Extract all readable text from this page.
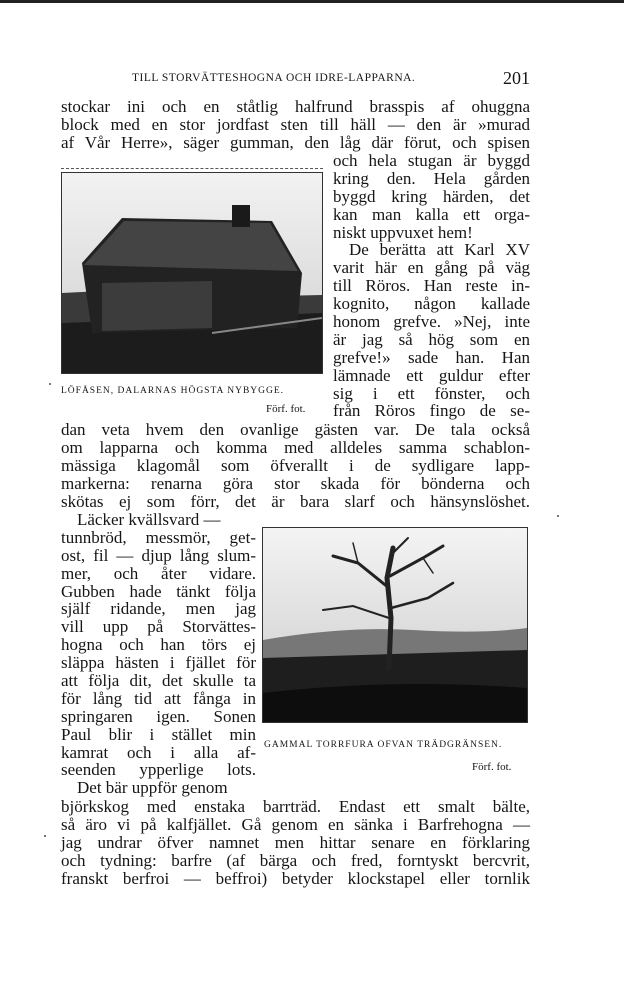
TILL STORVÄTTESHOGNA OCH IDRE-LAPPARNA.	201
stockar ini och en ståtlig halfrund brasspis af ohuggna
block med en stor jordfast sten till häll — den är »murad
af Vår Herre», säger gumman, den låg där förut, och spisen
LÖFÅSEN, DALARNAS HÖGSTA NYBYGGE.
Förf. fot.
och hela stugan är byggd
kring den. Hela gården
byggd kring härden, det
kan man kalla ett orga-
niskt uppvuxet hem!
De berätta att Karl XV
varit här en gång på väg
till Röros. Han reste in-
kognito, någon kallade
honom grefve. »Nej, inte
är jag så hög som en
grefve!» sade han. Han
lämnade ett guldur efter
sig i ett fönster, och
från Röros fingo de se-
dan veta hvem den ovanlige gästen var. De tala också
om lapparna och komma med alldeles samma schablon-
mässiga klagomål som öfverallt i de sydligare lapp-
markerna: renarna göra stor skada för bönderna och
skötas ej som förr, det är bara slarf och hänsynslöshet.
Läcker kvällsvard —
tunnbröd, messmör, get-
ost, fil — djup lång slum-
mer, och åter vidare.
Gubben hade tänkt följa
själf ridande, men jag
vill upp på Storvättes-
hogna och han törs ej
släppa hästen i fjället för
att följa dit, det skulle ta
för lång tid att fånga in
springaren igen. Sonen
Paul blir i stället min
kamrat och i alla af-
seenden ypperlige lots.
Det bär uppför genom
GAMMAL TORRFURA OFVAN TRÄDGRÄNSEN.
Förf. fot.
björkskog med enstaka barrträd. Endast ett smalt bälte,
så äro vi på kalfjället. Gå genom en sänka i Barfrehogna —
jag undrar öfver namnet men hittar senare en förklaring
och tydning: barfre (af bärga och fred, forntyskt bercvrit,
franskt berfroi — beffroi) betyder klockstapel eller tornlik
